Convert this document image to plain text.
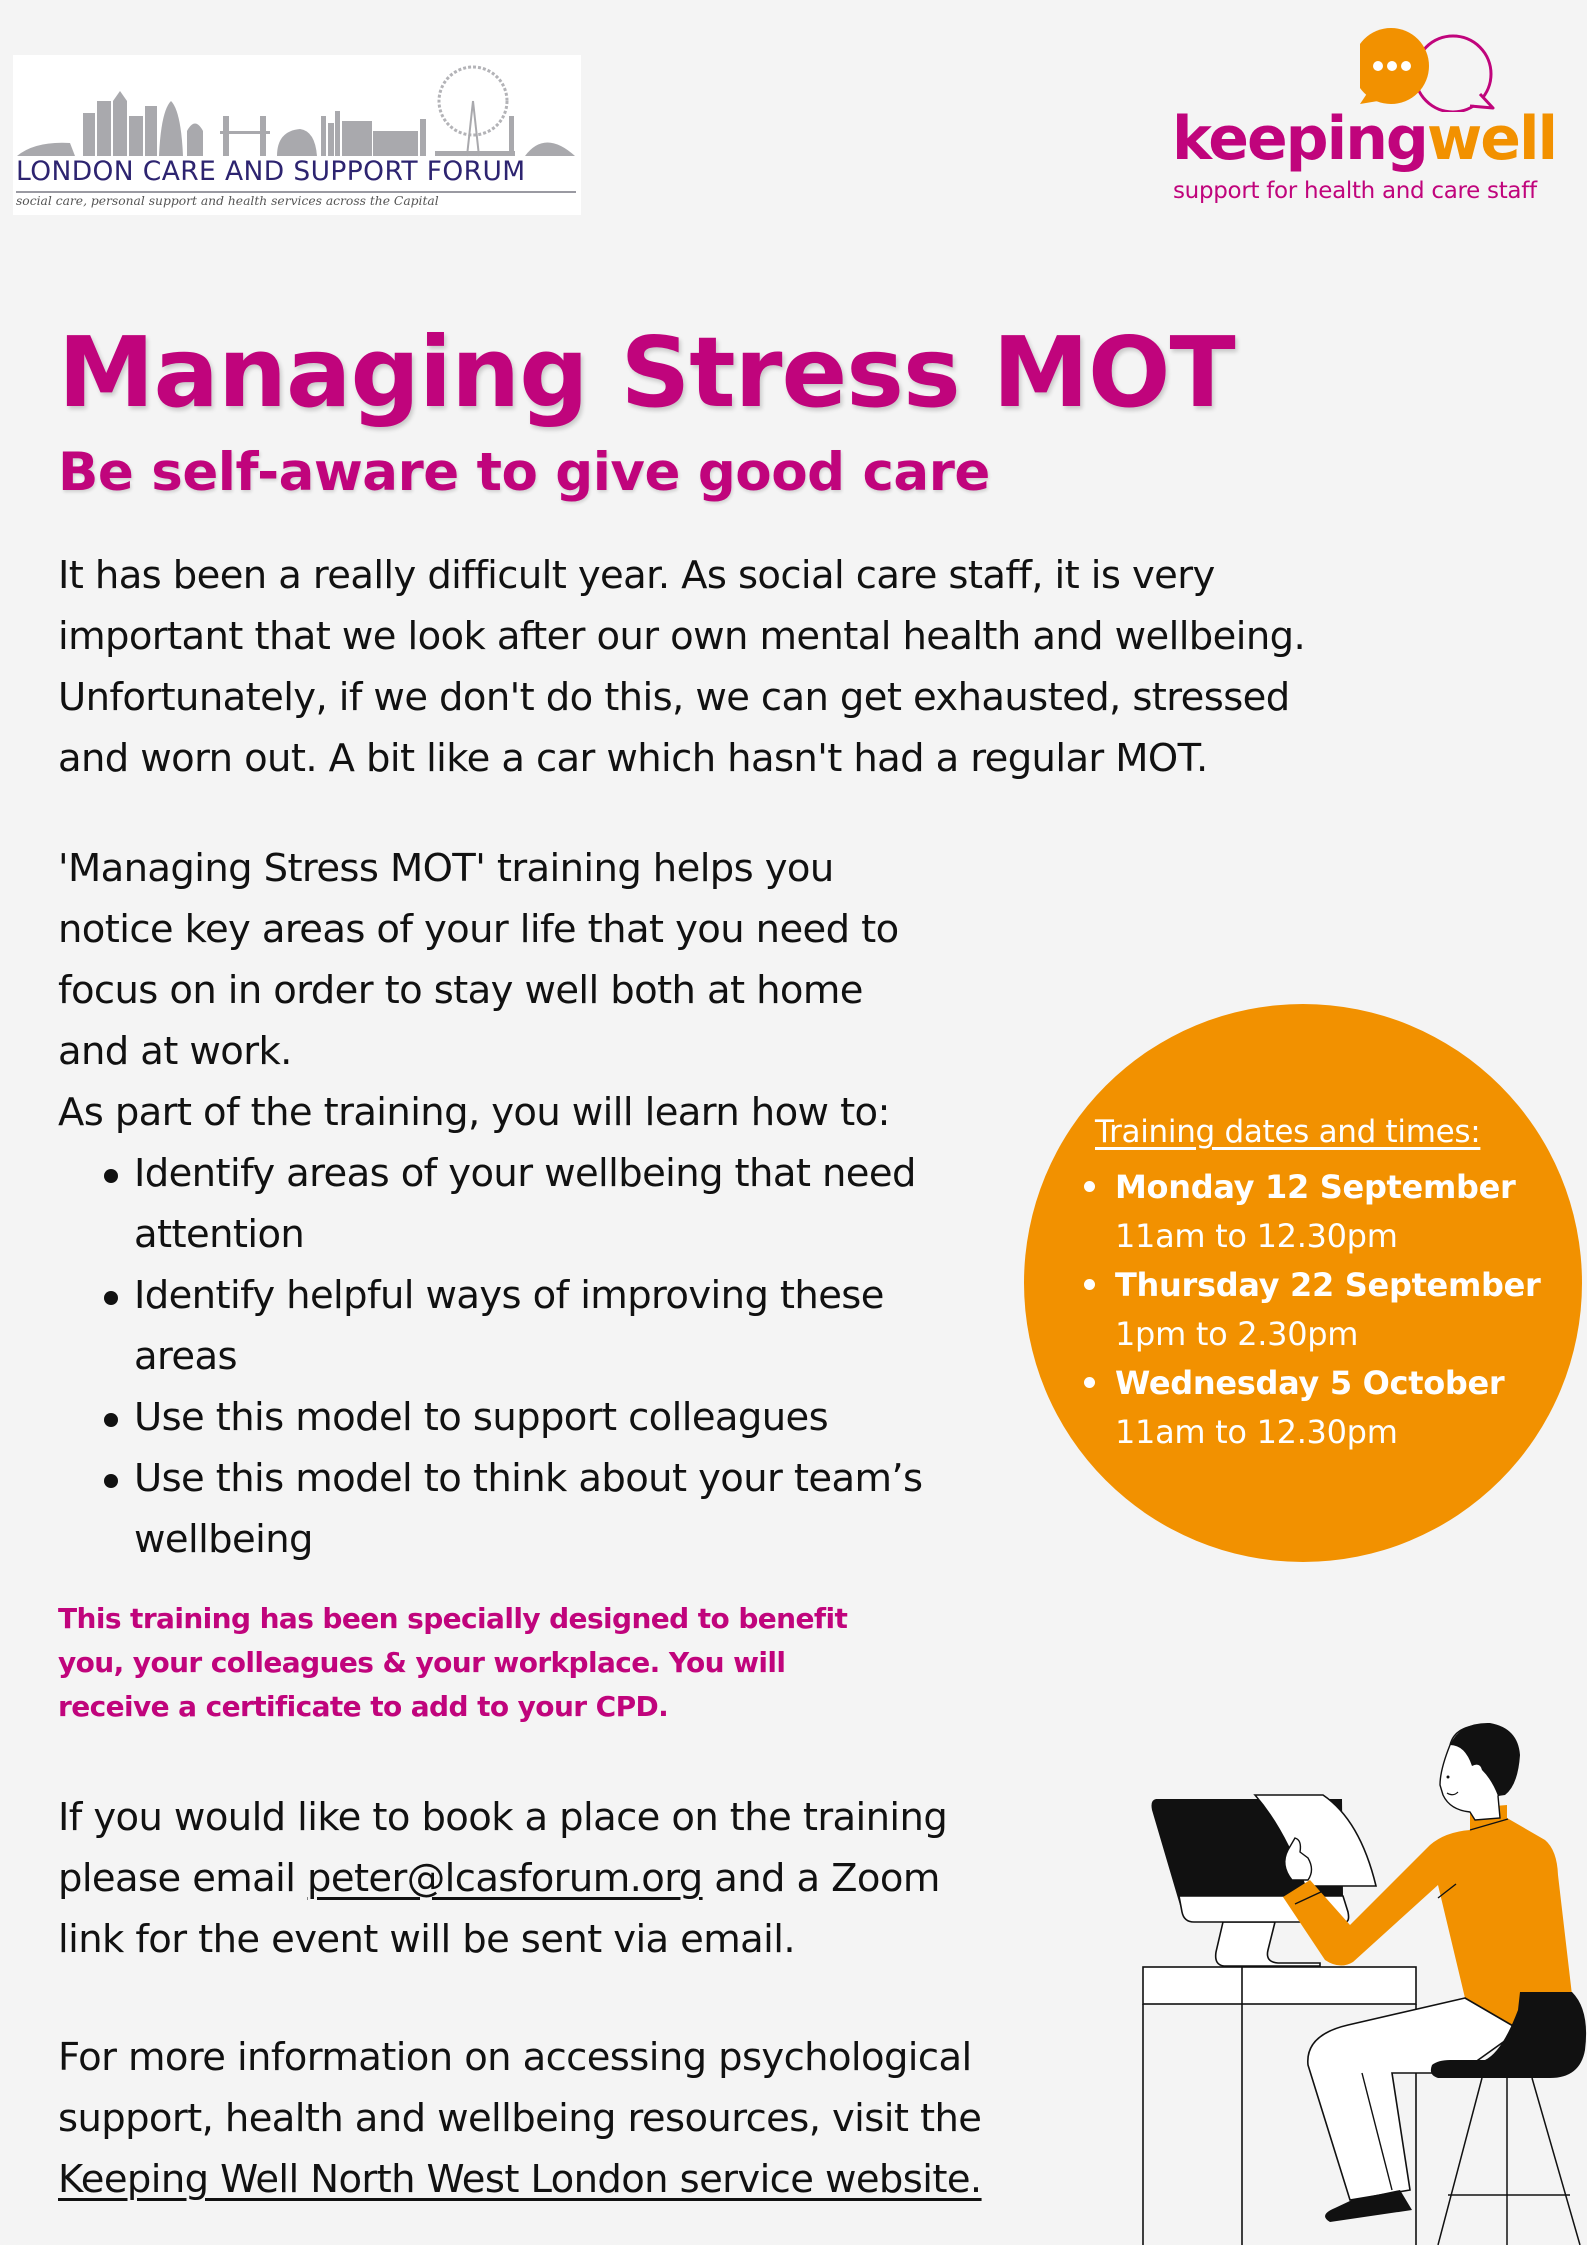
LONDON CARE AND SUPPORT FORUM
social care, personal support and health services across the Capital
keepingwell
support for health and care staff
Managing Stress MOT
Be self-aware to give good care

It has been a really difficult year. As social care staff, it is very

important that we look after our own mental health and wellbeing.

Unfortunately, if we don't do this, we can get exhausted, stressed

and worn out. A bit like a car which hasn't had a regular MOT.

'Managing Stress MOT' training helps you

notice key areas of your life that you need to

focus on in order to stay well both at home

and at work.

As part of the training, you will learn how to:

Identify areas of your wellbeing that need
attention
Identify helpful ways of improving these
areas
Use this model to support colleagues
Use this model to think about your team’s
wellbeing

This training has been specially designed to benefit

you, your colleagues & your workplace. You will

receive a certificate to add to your CPD.

If you would like to book a place on the training

please email peter@lcasforum.org and a Zoom

link for the event will be sent via email.

For more information on accessing psychological

support, health and wellbeing resources, visit the

Keeping Well North West London service website.

Training dates and times:
Monday 12 September
11am to 12.30pm
Thursday 22 September
1pm to 2.30pm
Wednesday 5 October
11am to 12.30pm
